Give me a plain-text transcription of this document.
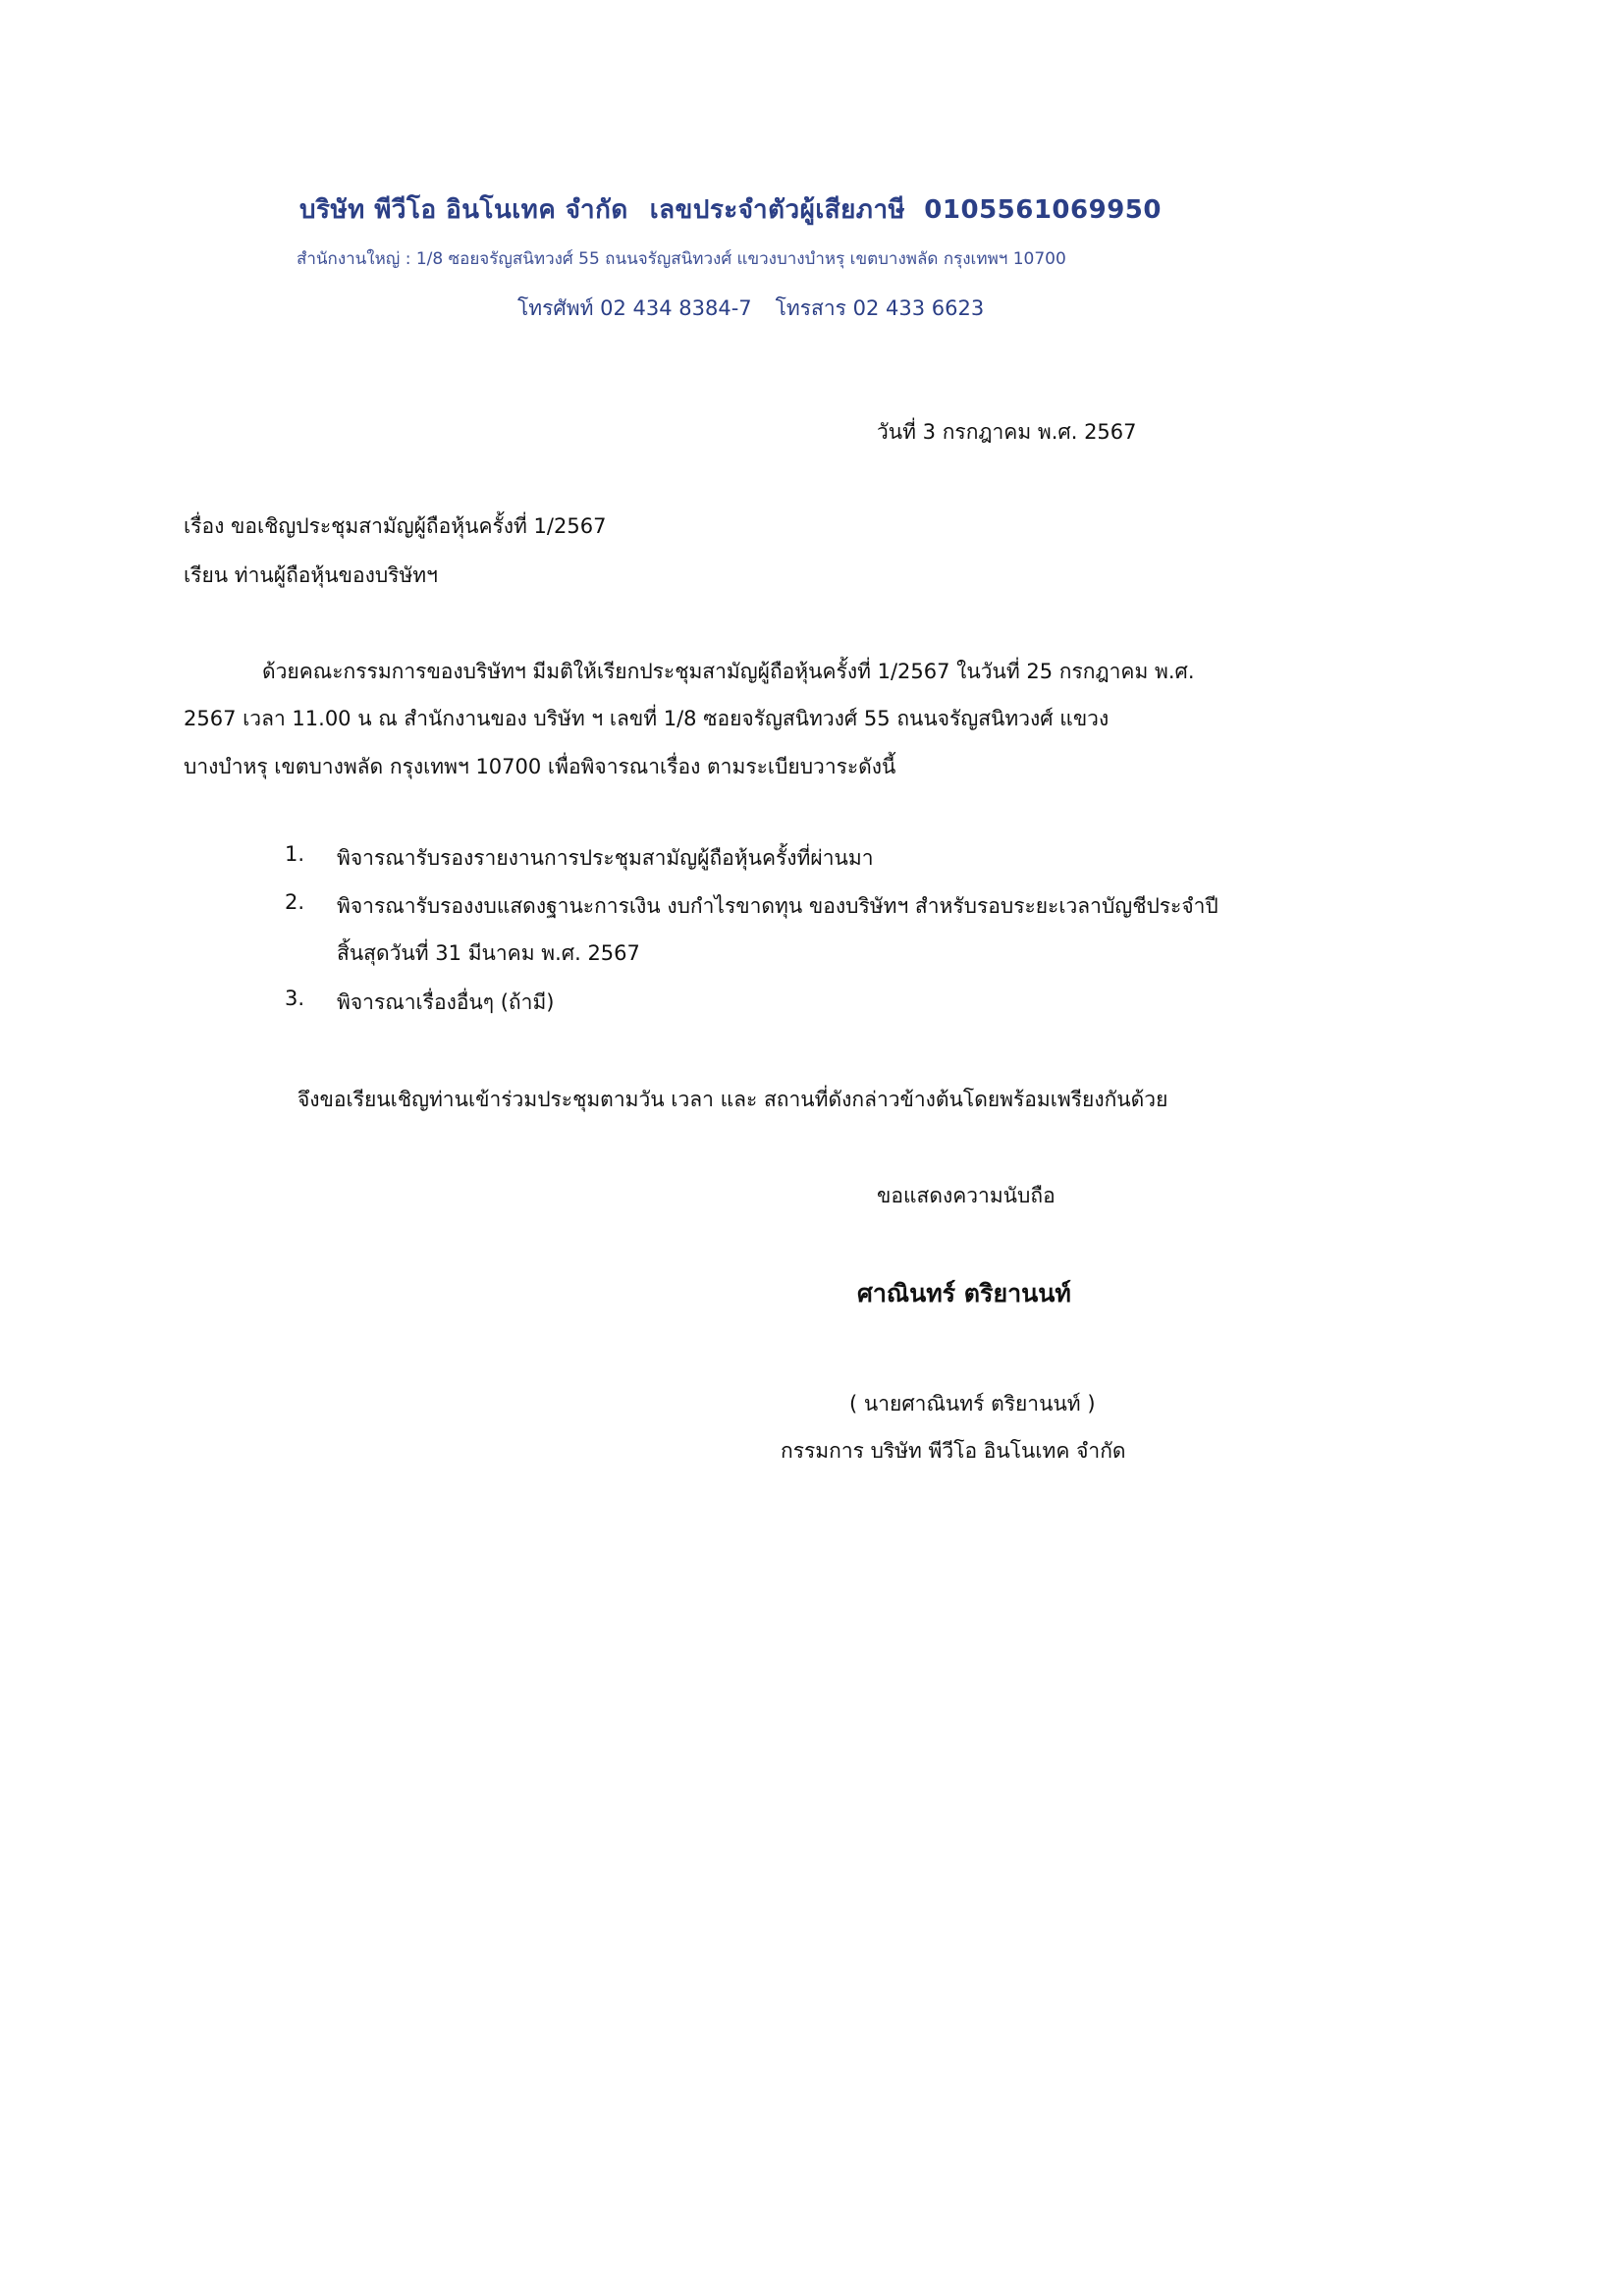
บริษัท พีวีโอ อินโนเทค จำกัด เลขประจำตัวผู้เสียภาษี 0105561069950
สำนักงานใหญ่ : 1/8 ซอยจรัญสนิทวงศ์ 55 ถนนจรัญสนิทวงศ์ แขวงบางบำหรุ เขตบางพลัด กรุงเทพฯ 10700
โทรศัพท์ 02 434 8384-7 โทรสาร 02 433 6623
วันที่ 3 กรกฎาคม พ.ศ. 2567
เรื่อง ขอเชิญประชุมสามัญผู้ถือหุ้นครั้งที่ 1/2567
เรียน ท่านผู้ถือหุ้นของบริษัทฯ
ด้วยคณะกรรมการของบริษัทฯ มีมติให้เรียกประชุมสามัญผู้ถือหุ้นครั้งที่ 1/2567 ในวันที่ 25 กรกฎาคม พ.ศ.
2567 เวลา 11.00 น ณ สำนักงานของ บริษัท ฯ เลขที่ 1/8 ซอยจรัญสนิทวงศ์ 55 ถนนจรัญสนิทวงศ์ แขวง
บางบำหรุ เขตบางพลัด กรุงเทพฯ 10700 เพื่อพิจารณาเรื่อง ตามระเบียบวาระดังนี้
1.	พิจารณารับรองรายงานการประชุมสามัญผู้ถือหุ้นครั้งที่ผ่านมา
2.	พิจารณารับรองงบแสดงฐานะการเงิน งบกำไรขาดทุน ของบริษัทฯ สำหรับรอบระยะเวลาบัญชีประจำปี
สิ้นสุดวันที่ 31 มีนาคม พ.ศ. 2567
3.	พิจารณาเรื่องอื่นๆ (ถ้ามี)
จึงขอเรียนเชิญท่านเข้าร่วมประชุมตามวัน เวลา และ สถานที่ดังกล่าวข้างต้นโดยพร้อมเพรียงกันด้วย
ขอแสดงความนับถือ
ศาณินทร์ ตริยานนท์
( นายศาณินทร์ ตริยานนท์ )
กรรมการ บริษัท พีวีโอ อินโนเทค จำกัด
